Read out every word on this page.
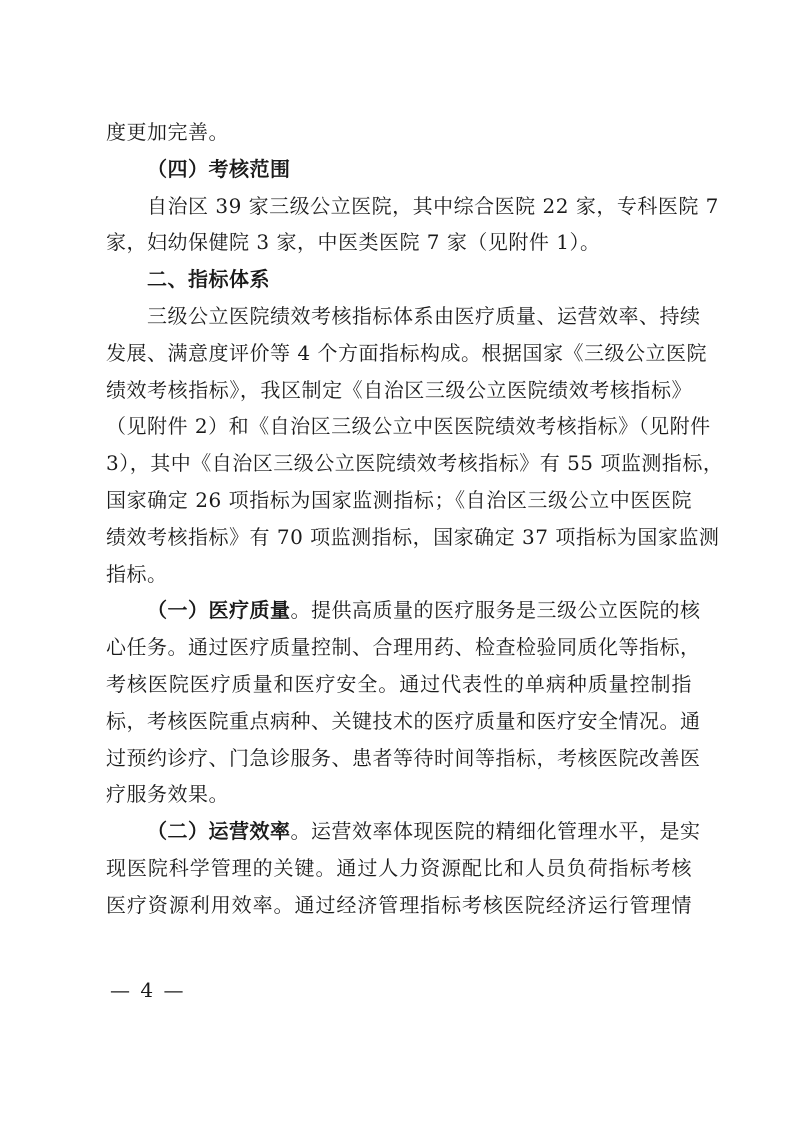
度更加完善。
（四）考核范围
自治区 39 家三级公立医院，其中综合医院 22 家，专科医院 7
家，妇幼保健院 3 家，中医类医院 7 家（见附件 1）。
二、指标体系
三级公立医院绩效考核指标体系由医疗质量、运营效率、持续
发展、满意度评价等 4 个方面指标构成。根据国家《三级公立医院
绩效考核指标》，我区制定《自治区三级公立医院绩效考核指标》
（见附件 2）和《自治区三级公立中医医院绩效考核指标》（见附件
3），其中《自治区三级公立医院绩效考核指标》有 55 项监测指标，
国家确定 26 项指标为国家监测指标；《自治区三级公立中医医院
绩效考核指标》有 70 项监测指标，国家确定 37 项指标为国家监测
指标。
（一）医疗质量。提供高质量的医疗服务是三级公立医院的核
心任务。通过医疗质量控制、合理用药、检查检验同质化等指标，
考核医院医疗质量和医疗安全。通过代表性的单病种质量控制指
标，考核医院重点病种、关键技术的医疗质量和医疗安全情况。通
过预约诊疗、门急诊服务、患者等待时间等指标，考核医院改善医
疗服务效果。
（二）运营效率。运营效率体现医院的精细化管理水平，是实
现医院科学管理的关键。通过人力资源配比和人员负荷指标考核
医疗资源利用效率。通过经济管理指标考核医院经济运行管理情
— 4 —
